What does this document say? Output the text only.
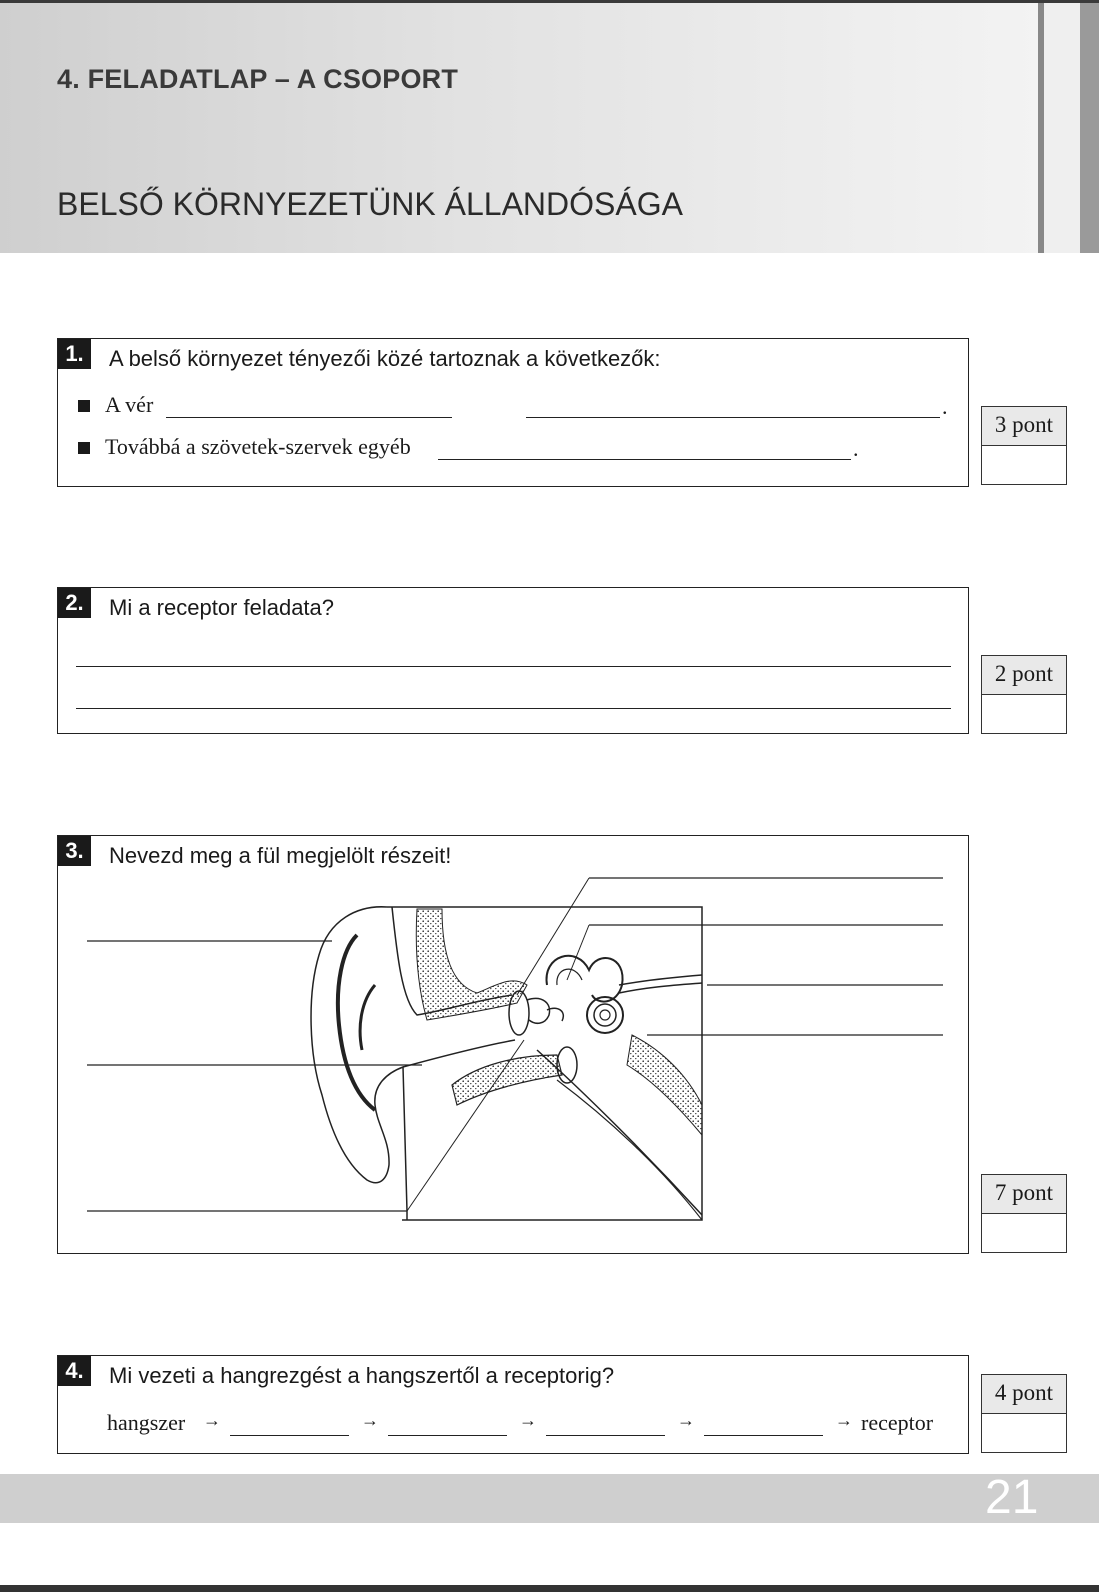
4. FELADATLAP – A CSOPORT
BELSŐ KÖRNYEZETÜNK ÁLLANDÓSÁGA
1.	A belső környezet tényezői közé tartoznak a következők:
A vér	.
Továbbá a szövetek-szervek egyéb	.
3 pont
2.	Mi a receptor feladata?
2 pont
3.	Nevezd meg a fül megjelölt részeit!
7 pont
4.	Mi vezeti a hangrezgést a hangszertől a receptorig?
hangszer →	→	→	→	→ receptor
4 pont
21
